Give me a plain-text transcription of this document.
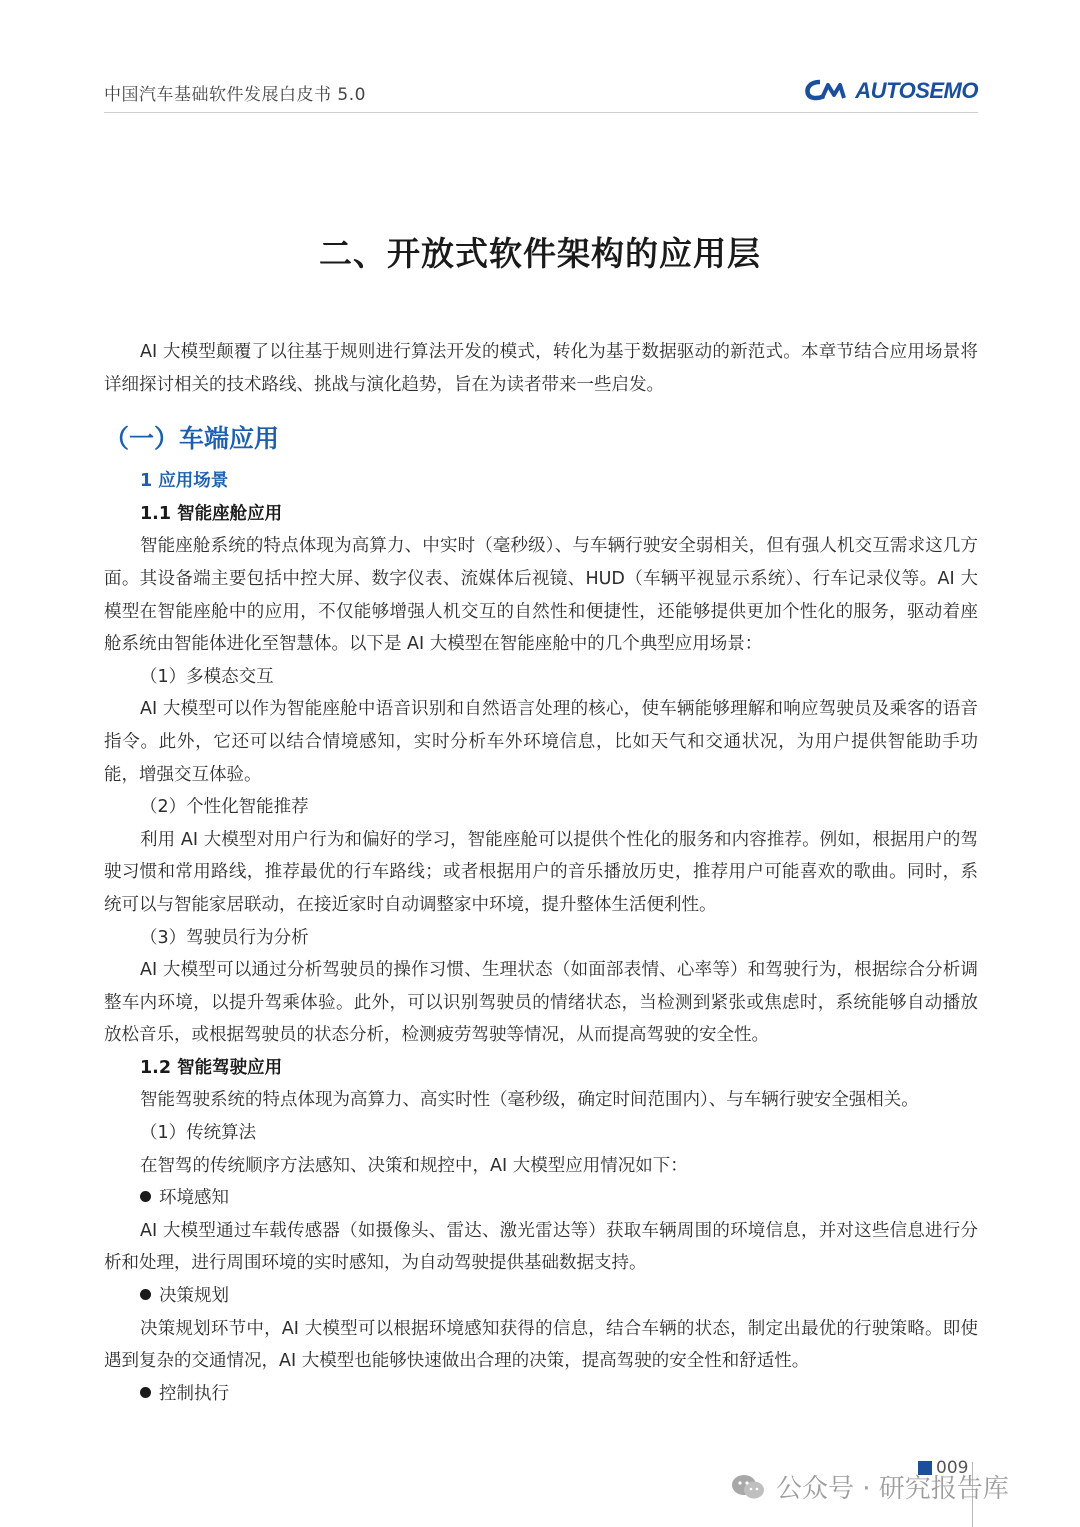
中国汽车基础软件发展白皮书 5.0	AUTOSEMO
二、开放式软件架构的应用层

AI 大模型颠覆了以往基于规则进行算法开发的模式，转化为基于数据驱动的新范式。本章节结合应用场景将详细探讨相关的技术路线、挑战与演化趋势，旨在为读者带来一些启发。

（一）车端应用

1 应用场景

1.1 智能座舱应用

智能座舱系统的特点体现为高算力、中实时（毫秒级）、与车辆行驶安全弱相关，但有强人机交互需求这几方面。其设备端主要包括中控大屏、数字仪表、流媒体后视镜、HUD（车辆平视显示系统）、行车记录仪等。AI 大模型在智能座舱中的应用，不仅能够增强人机交互的自然性和便捷性，还能够提供更加个性化的服务，驱动着座舱系统由智能体进化至智慧体。以下是 AI 大模型在智能座舱中的几个典型应用场景：

（1）多模态交互

AI 大模型可以作为智能座舱中语音识别和自然语言处理的核心，使车辆能够理解和响应驾驶员及乘客的语音指令。此外，它还可以结合情境感知，实时分析车外环境信息，比如天气和交通状况，为用户提供智能助手功能，增强交互体验。

（2）个性化智能推荐

利用 AI 大模型对用户行为和偏好的学习，智能座舱可以提供个性化的服务和内容推荐。例如，根据用户的驾驶习惯和常用路线，推荐最优的行车路线；或者根据用户的音乐播放历史，推荐用户可能喜欢的歌曲。同时，系统可以与智能家居联动，在接近家时自动调整家中环境，提升整体生活便利性。

（3）驾驶员行为分析

AI 大模型可以通过分析驾驶员的操作习惯、生理状态（如面部表情、心率等）和驾驶行为，根据综合分析调整车内环境，以提升驾乘体验。此外，可以识别驾驶员的情绪状态，当检测到紧张或焦虑时，系统能够自动播放放松音乐，或根据驾驶员的状态分析，检测疲劳驾驶等情况，从而提高驾驶的安全性。

1.2 智能驾驶应用

智能驾驶系统的特点体现为高算力、高实时性（毫秒级，确定时间范围内）、与车辆行驶安全强相关。

（1）传统算法

在智驾的传统顺序方法感知、决策和规控中，AI 大模型应用情况如下：

环境感知

AI 大模型通过车载传感器（如摄像头、雷达、激光雷达等）获取车辆周围的环境信息，并对这些信息进行分析和处理，进行周围环境的实时感知，为自动驾驶提供基础数据支持。

决策规划

决策规划环节中，AI 大模型可以根据环境感知获得的信息，结合车辆的状态，制定出最优的行驶策略。即使遇到复杂的交通情况，AI 大模型也能够快速做出合理的决策，提高驾驶的安全性和舒适性。

控制执行

009
公众号 · 研究报告库
